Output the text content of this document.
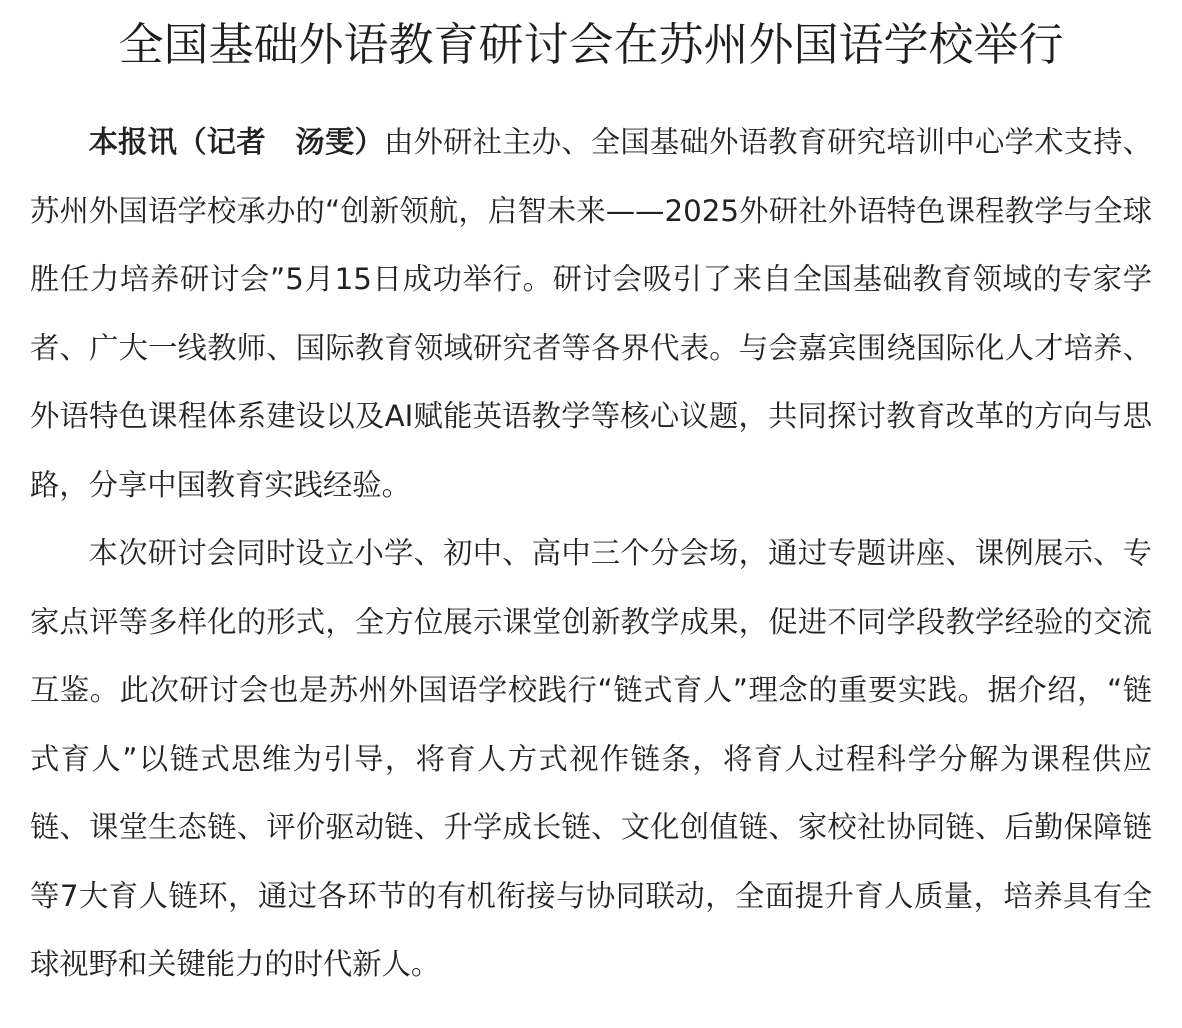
全国基础外语教育研讨会在苏州外国语学校举行

本报讯（记者　汤雯）由外研社主办、全国基础外语教育研究培训中心学术支持、苏州外国语学校承办的“创新领航，启智未来——2025外研社外语特色课程教学与全球胜任力培养研讨会”5月15日成功举行。研讨会吸引了来自全国基础教育领域的专家学者、广大一线教师、国际教育领域研究者等各界代表。与会嘉宾围绕国际化人才培养、外语特色课程体系建设以及AI赋能英语教学等核心议题，共同探讨教育改革的方向与思路，分享中国教育实践经验。

本次研讨会同时设立小学、初中、高中三个分会场，通过专题讲座、课例展示、专家点评等多样化的形式，全方位展示课堂创新教学成果，促进不同学段教学经验的交流互鉴。此次研讨会也是苏州外国语学校践行“链式育人”理念的重要实践。据介绍，“链式育人”以链式思维为引导，将育人方式视作链条，将育人过程科学分解为课程供应链、课堂生态链、评价驱动链、升学成长链、文化创值链、家校社协同链、后勤保障链等7大育人链环，通过各环节的有机衔接与协同联动，全面提升育人质量，培养具有全球视野和关键能力的时代新人。
